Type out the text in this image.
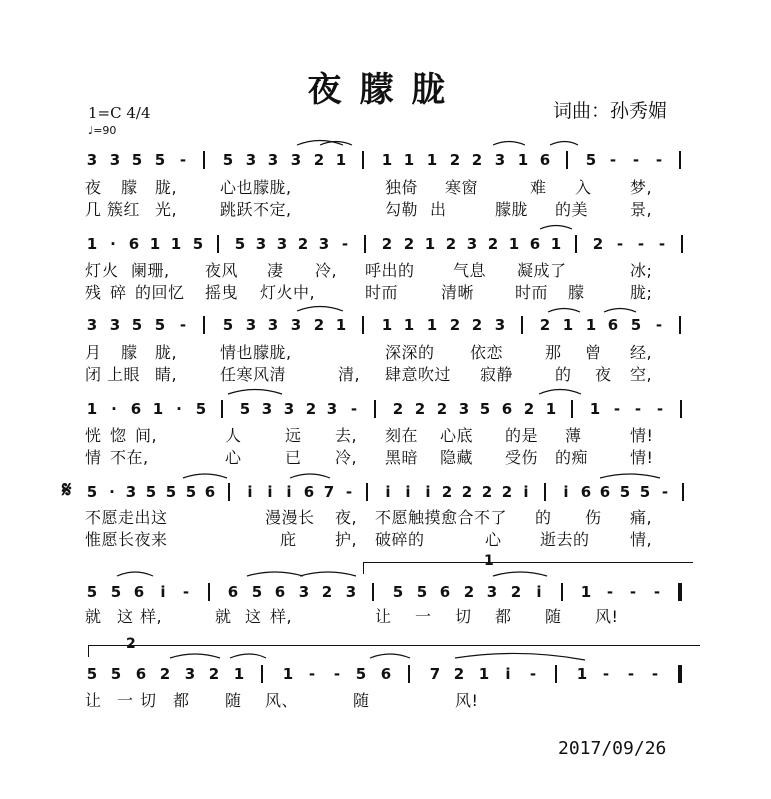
夜朦胧
1=C 4/4
♩=90
词曲：孙秀媚
3 3 5 5 - 5 3 3 3 2 1 1 1 1 2 2 3 1 6 5 - - -
夜 朦 胧,	心也朦胧,	独倚 寒窗	难 入 梦,
几 簇红 光,	跳跃不定,	勾勒 出	朦胧 的美	景,
1 · 6 1 1 5 5 3 3 2 3 - 2 2 1 2 3 2 1 6 1 2 - - -
灯 火 阑珊, 夜风 凄 冷, 呼出的 气息 凝成了	冰;
残 碎 的回忆 摇曳 灯火中,	时而	清晰	时而 朦	胧;
3 3 5 5 - 5 3 3 3 2 1 1 1 1 2 2 3 2 1 1 6 5 -
月 朦 胧,	情也朦胧,	深深的 依恋	那 曾 经,
闭 上眼 睛,	任寒风清	清, 肆意吹过 寂静	的 夜 空,
1 · 6 1 · 5 5 3 3 2 3 - 2 2 2 3 5 6 2 1 1 - - -
恍 惚 间,	人	远 去, 刻在 心底 的是 薄	情!
情 不在,	心	已 冷, 黑暗 隐藏 受伤 的痴	情!
𝄋 5 · 3 5 5 5 6 i i i 6 7 - i i i 2 2 2 2 i i 6 6 5 5 -
不愿走出这	漫漫长 夜, 不愿触摸愈合不了 的 伤 痛,
惟愿长夜来	庇 护, 破碎的	心 逝去的	情,
1
5 5 6 i -	6 5 6 3 2 3 5 5 6 2 3 2 i	1 - - -
就 这 样,	就 这 样,	让 一 切 都 随 风!
2
5 5 6 2 3 2 1	1 - - 5 6	7 2 1 i -	1 - - -
让 一 切 都 随 风、	随	风!
2017/09/26
